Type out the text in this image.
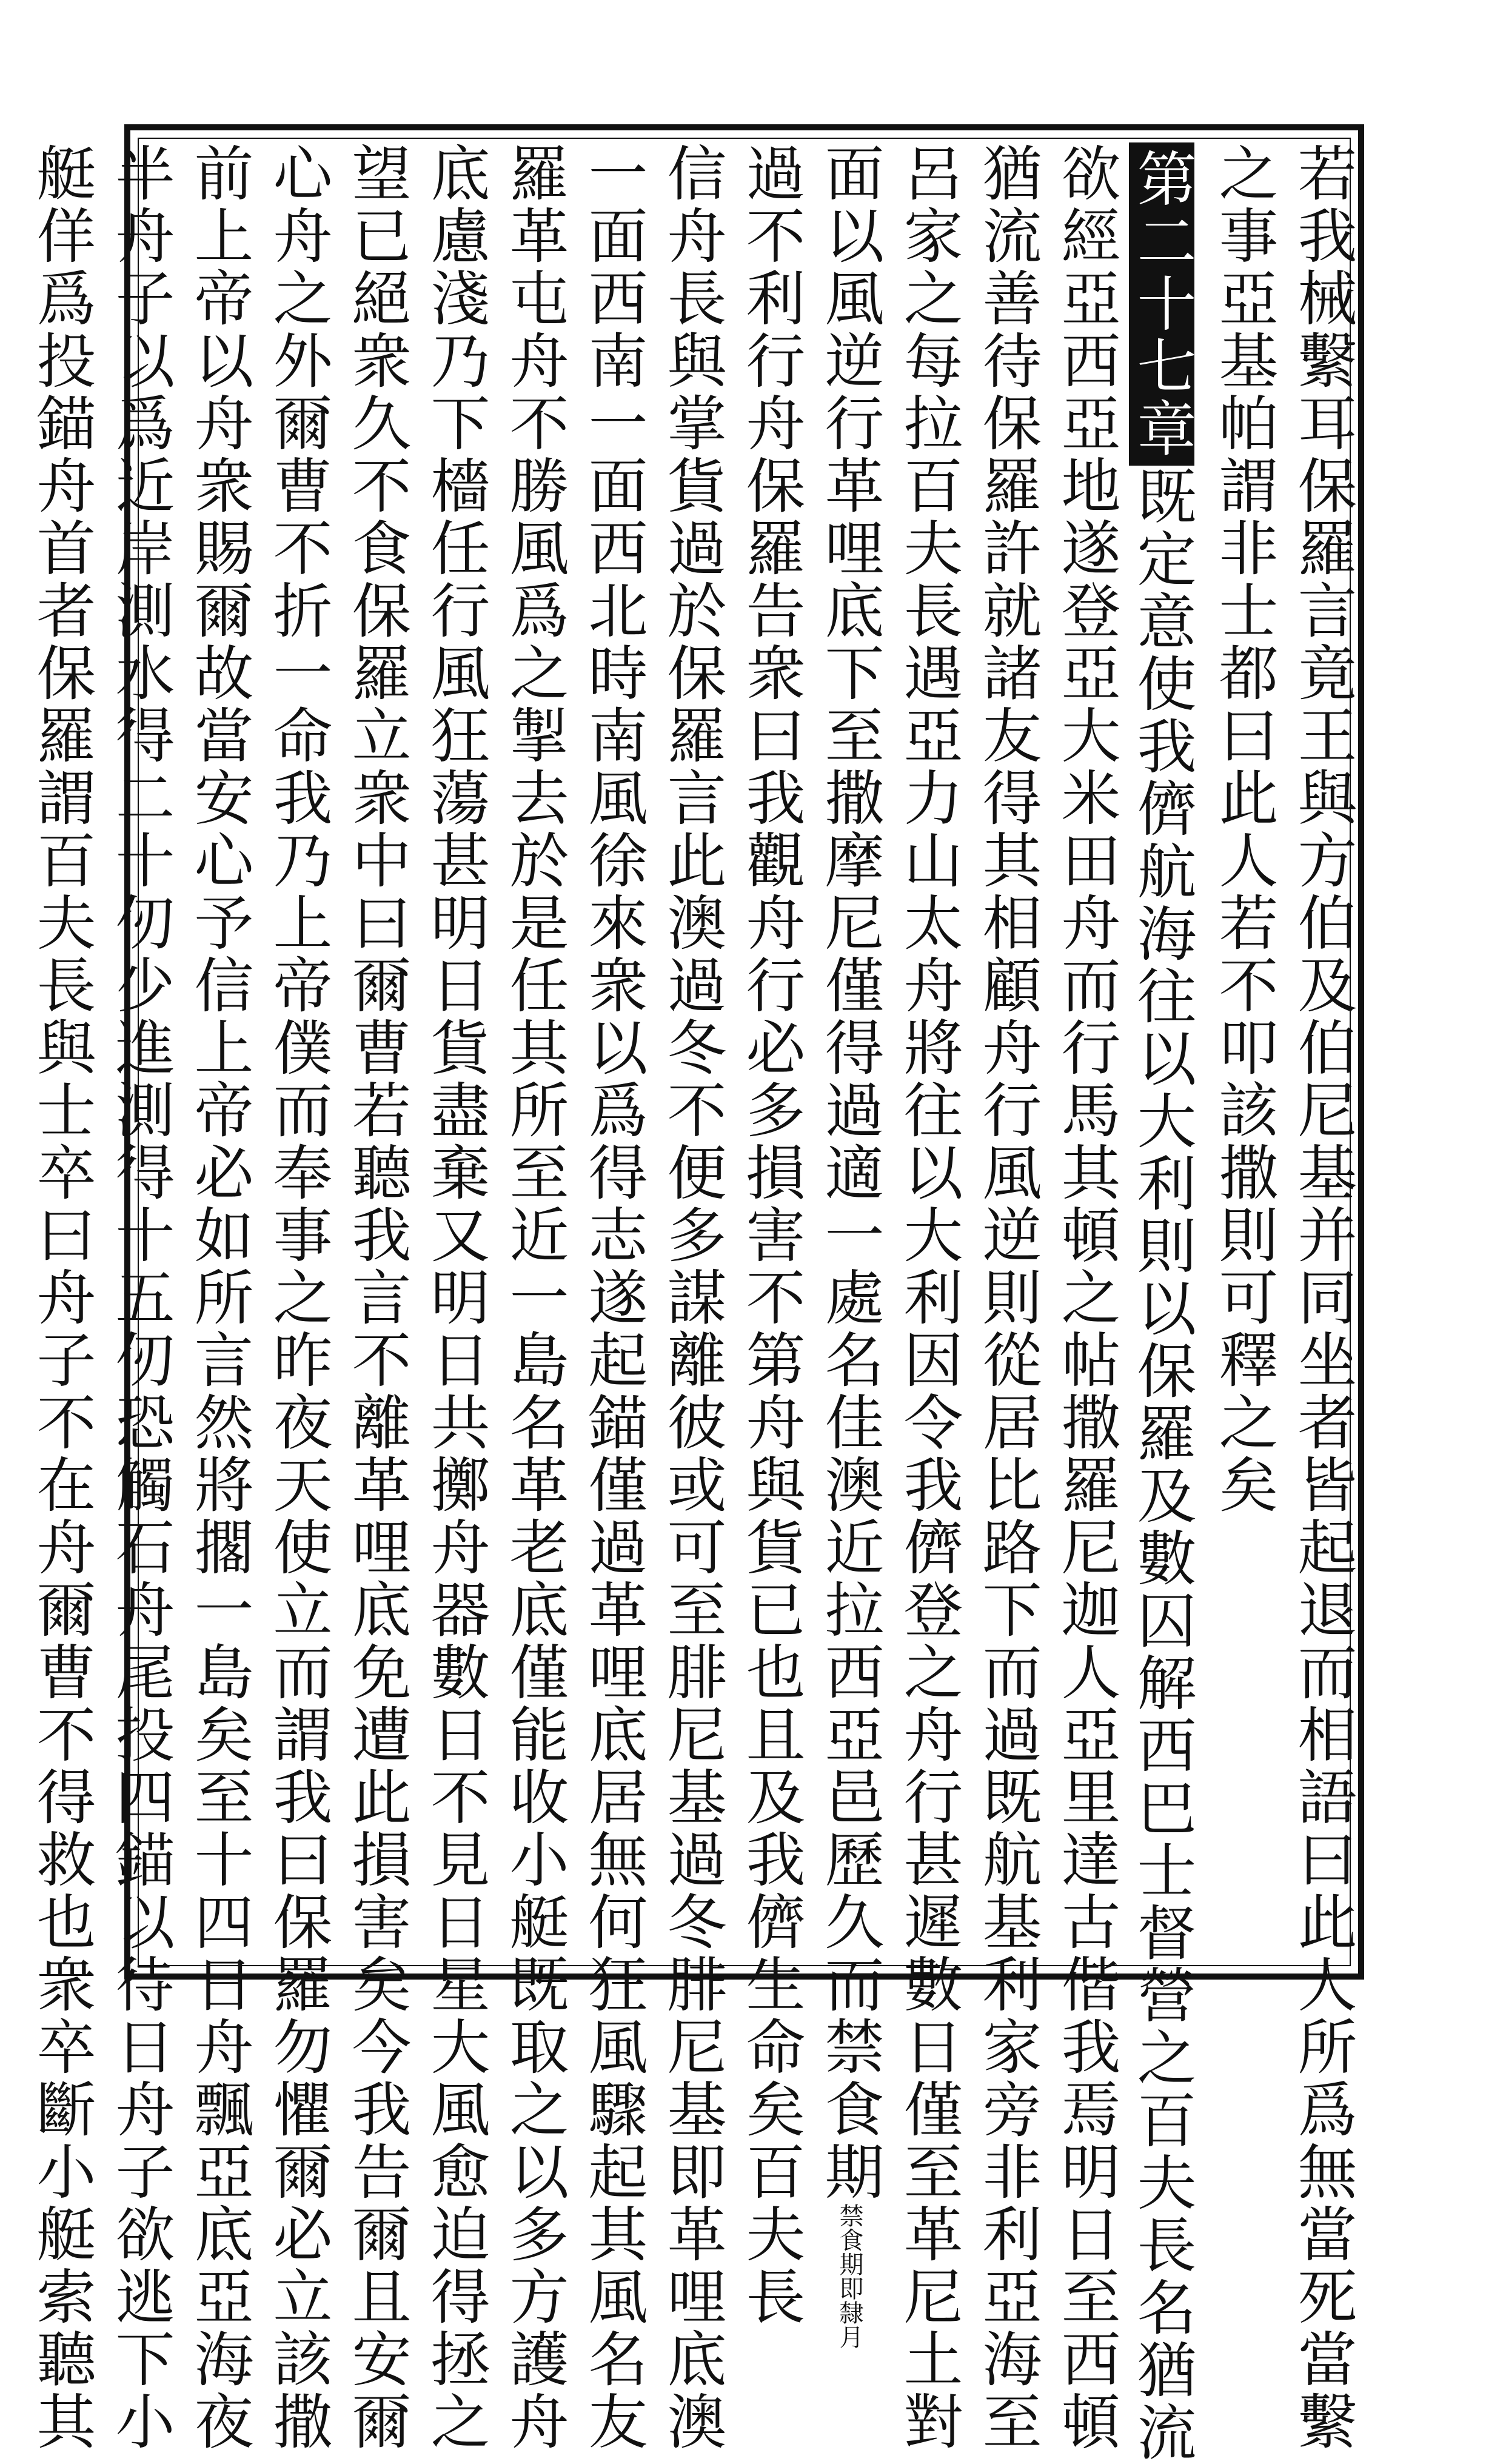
若我械繫耳保羅言竟王與方伯及伯尼基并同坐者皆起退而相語曰此人所爲無當死當繫
之事亞基帕謂非士都曰此人若不叩該撒則可釋之矣
第二十七章既定意使我儕航海往以大利則以保羅及數囚解西巴士督營之百夫長名猶流
欲經亞西亞地遂登亞大米田舟而行馬其頓之帖撒羅尼迦人亞里達古偕我焉明日至西頓
猶流善待保羅許就諸友得其相顧舟行風逆則從居比路下而過既航基利家旁非利亞海至
呂家之每拉百夫長遇亞力山太舟將往以大利因令我儕登之舟行甚遲數日僅至革尼土對
面以風逆行革哩底下至撒摩尼僅得過適一處名佳澳近拉西亞邑歷久而禁食期禁食期即隸月
過不利行舟保羅告衆曰我觀舟行必多損害不第舟與貨已也且及我儕生命矣百夫長
信舟長與掌貨過於保羅言此澳過冬不便多謀離彼或可至腓尼基過冬腓尼基即革哩底澳
一面西南一面西北時南風徐來衆以爲得志遂起錨僅過革哩底居無何狂風驟起其風名友
羅革屯舟不勝風爲之掣去於是任其所至近一島名革老底僅能收小艇既取之以多方護舟
底慮淺乃下檣任行風狂蕩甚明日貨盡棄又明日共擲舟器數日不見日星大風愈迫得拯之
望已絕衆久不食保羅立衆中曰爾曹若聽我言不離革哩底免遭此損害矣今我告爾且安爾
心舟之外爾曹不折一命我乃上帝僕而奉事之昨夜天使立而謂我曰保羅勿懼爾必立該撒
前上帝以舟衆賜爾故當安心予信上帝必如所言然將擱一島矣至十四日舟飄亞底亞海夜
半舟子以爲近岸測水得二十仞少進測得十五仞恐觸石舟尾投四錨以待日舟子欲逃下小
艇佯爲投錨舟首者保羅謂百夫長與士卒曰舟子不在舟爾曹不得救也衆卒斷小艇索聽其
